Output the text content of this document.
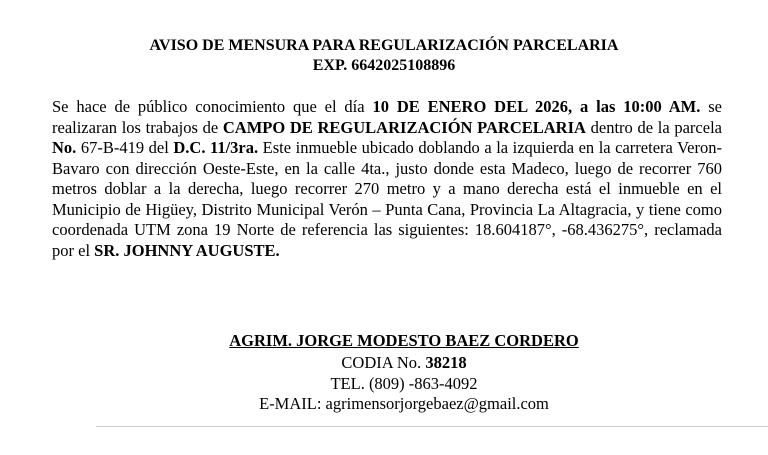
AVISO DE MENSURA PARA REGULARIZACIÓN PARCELARIA
EXP. 6642025108896

Se hace de público conocimiento que el día 10 DE ENERO DEL 2026, a las 10:00 AM. se realizaran los trabajos de CAMPO DE REGULARIZACIÓN PARCELARIA dentro de la parcela No. 67-B-419 del D.C. 11/3ra. Este inmueble ubicado doblando a la izquierda en la carretera Veron-Bavaro con dirección Oeste-Este, en la calle 4ta., justo donde esta Madeco, luego de recorrer 760 metros doblar a la derecha, luego recorrer 270 metro y a mano derecha está el inmueble en el Municipio de Higüey, Distrito Municipal Verón – Punta Cana, Provincia La Altagracia, y tiene como coordenada UTM zona 19 Norte de referencia las siguientes: 18.604187°, -68.436275°, reclamada por el SR. JOHNNY AUGUSTE.

AGRIM. JORGE MODESTO BAEZ CORDERO
CODIA No. 38218
TEL. (809) -863-4092
E-MAIL: agrimensorjorgebaez@gmail.com
